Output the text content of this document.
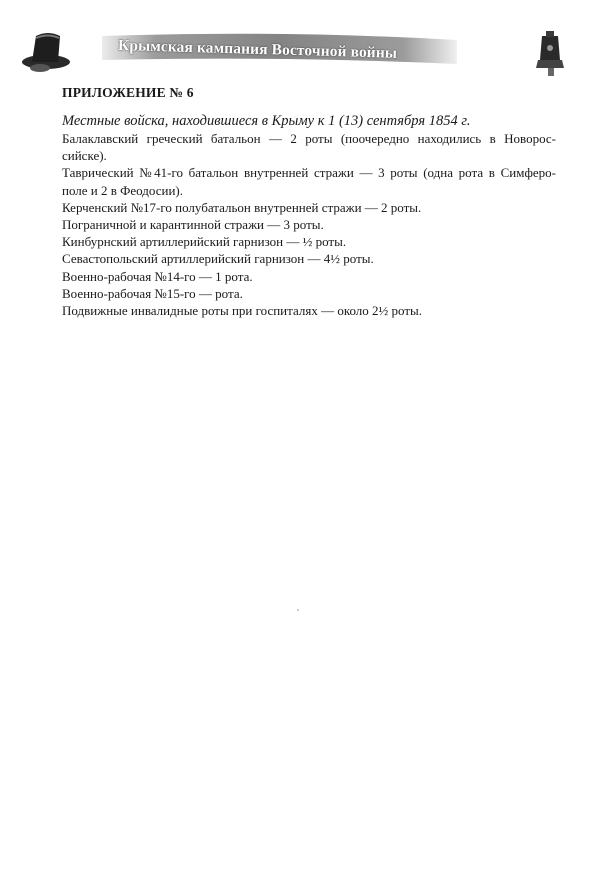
Крымская кампания Восточной войны
ПРИЛОЖЕНИЕ № 6
Местные войска, находившиеся в Крыму к 1 (13) сентября 1854 г.
Балаклавский греческий батальон — 2 роты (поочередно находились в Новорос-
сийске).
Таврический №41-го батальон внутренней стражи — 3 роты (одна рота в Симферо-
поле и 2 в Феодосии).
Керченский №17-го полубатальон внутренней стражи — 2 роты.
Пограничной и карантинной стражи — 3 роты.
Кинбурнский артиллерийский гарнизон — ½ роты.
Севастопольский артиллерийский гарнизон — 4½ роты.
Военно-рабочая №14-го — 1 рота.
Военно-рабочая №15-го — рота.
Подвижные инвалидные роты при госпиталях — около 2½ роты.
